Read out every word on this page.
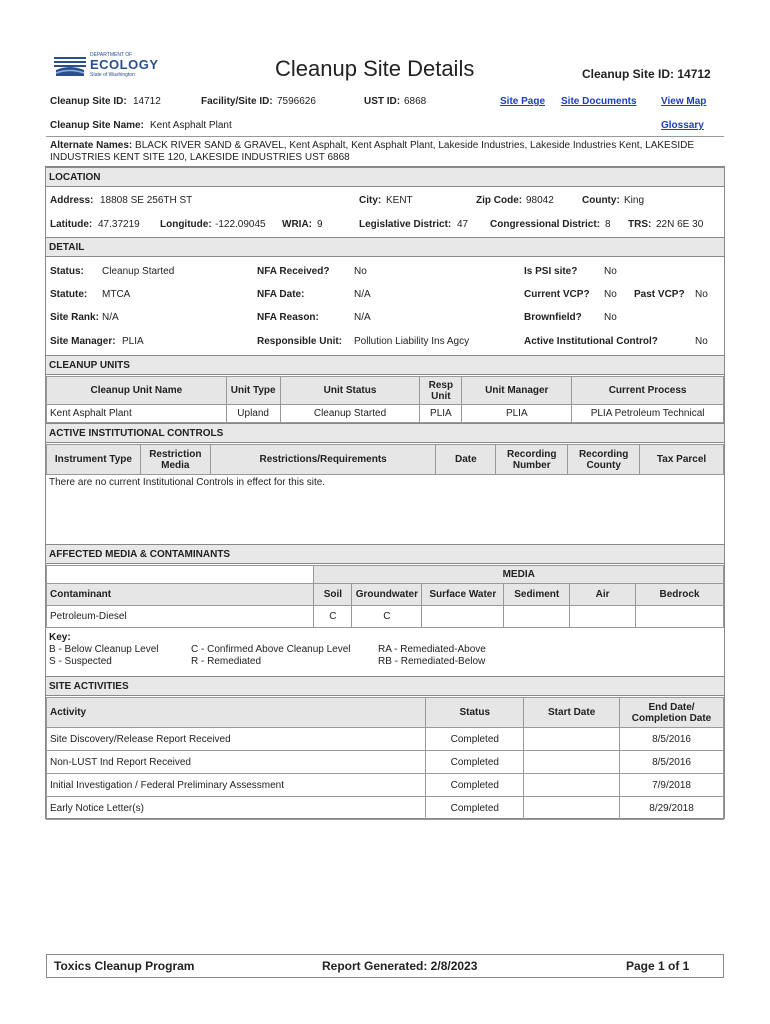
DEPARTMENT OF
ECOLOGY
State of Washington	Cleanup Site Details	Cleanup Site ID: 14712
Cleanup Site ID: 14712	Facility/Site ID: 7596626	UST ID: 6868	Site Page Site Documents View Map
Cleanup Site Name: Kent Asphalt Plant	Glossary
Alternate Names: BLACK RIVER SAND & GRAVEL, Kent Asphalt, Kent Asphalt Plant, Lakeside Industries, Lakeside Industries Kent, LAKESIDE INDUSTRIES KENT SITE 120, LAKESIDE INDUSTRIES UST 6868
LOCATION
Address: 18808 SE 256TH ST	City: KENT	Zip Code: 98042	County: King
Latitude: 47.37219 Longitude: -122.09045 WRIA: 9	Legislative District: 47 Congressional District: 8 TRS: 22N 6E 30
DETAIL
Status: Cleanup Started	NFA Received? No	Is PSI site?	No
Statute: MTCA	NFA Date:	N/A	Current VCP? No Past VCP? No
Site Rank: N/A	NFA Reason:	N/A	Brownfield? No
Site Manager: PLIA	Responsible Unit: Pollution Liability Ins Agcy	Active Institutional Control?	No
CLEANUP UNITS
Cleanup Unit Name	Unit Type	Unit Status	Resp Unit	Unit Manager	Current Process
Kent Asphalt Plant	Upland	Cleanup Started	PLIA	PLIA	PLIA Petroleum Technical
ACTIVE INSTITUTIONAL CONTROLS
Instrument Type	Restriction Media	Restrictions/Requirements	Date	Recording Number	Recording County	Tax Parcel
There are no current Institutional Controls in effect for this site.
AFFECTED MEDIA & CONTAMINANTS
	MEDIA					
Contaminant	Soil	Groundwater	Surface Water	Sediment	Air	Bedrock
Petroleum-Diesel	C	C				
Key:
B - Below Cleanup Level
S - Suspected
C - Confirmed Above Cleanup Level
R - Remediated
RA - Remediated-Above
RB - Remediated-Below
SITE ACTIVITIES
Activity	Status	Start Date	End Date/ Completion Date
Site Discovery/Release Report Received	Completed		8/5/2016
Non-LUST Ind Report Received	Completed		8/5/2016
Initial Investigation / Federal Preliminary Assessment	Completed		7/9/2018
Early Notice Letter(s)	Completed		8/29/2018
Toxics Cleanup Program	Report Generated: 2/8/2023	Page 1 of 1
